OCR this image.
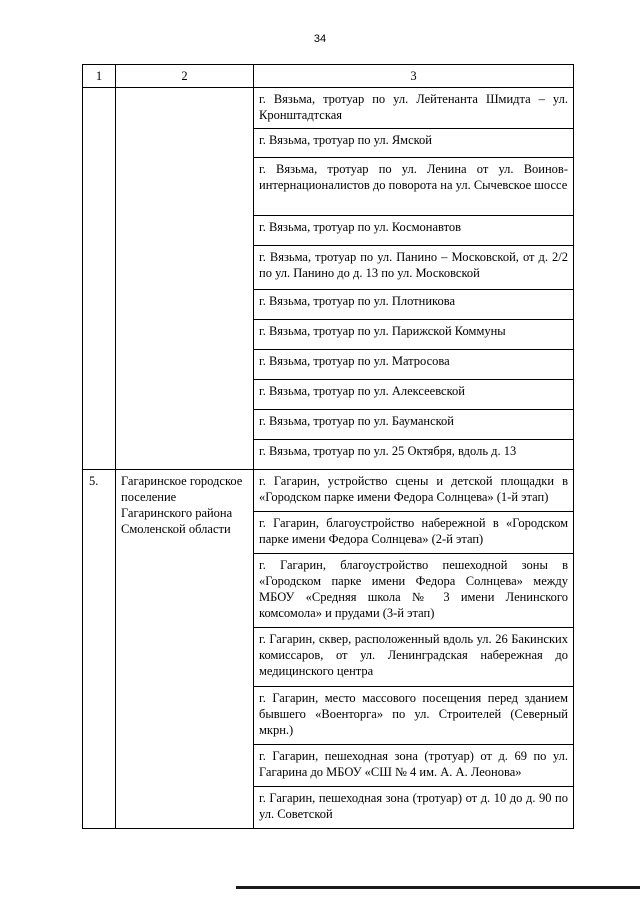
34
1	2	3
		г. Вязьма, тротуар по ул. Лейтенанта Шмидта – ул. Кронштадтская
		г. Вязьма, тротуар по ул. Ямской
		г. Вязьма, тротуар по ул. Ленина от ул. Воинов-интернационалистов до поворота на ул. Сычевское шоссе
		г. Вязьма, тротуар по ул. Космонавтов
		г. Вязьма, тротуар по ул. Панино – Московской, от д. 2/2 по ул. Панино до д. 13 по ул. Московской
		г. Вязьма, тротуар по ул. Плотникова
		г. Вязьма, тротуар по ул. Парижской Коммуны
		г. Вязьма, тротуар по ул. Матросова
		г. Вязьма, тротуар по ул. Алексеевской
		г. Вязьма, тротуар по ул. Бауманской
		г. Вязьма, тротуар по ул. 25 Октября, вдоль д. 13
5.	Гагаринское городское поселение Гагаринского района Смоленской области	г. Гагарин, устройство сцены и детской площадки в «Городском парке имени Федора Солнцева» (1-й этап)
		г. Гагарин, благоустройство набережной в «Городском парке имени Федора Солнцева» (2-й этап)
		г. Гагарин, благоустройство пешеходной зоны в «Городском парке имени Федора Солнцева» между МБОУ «Средняя школа № 3 имени Ленинского комсомола» и прудами (3-й этап)
		г. Гагарин, сквер, расположенный вдоль ул. 26 Бакинских комиссаров, от ул. Ленинградская набережная до медицинского центра
		г. Гагарин, место массового посещения перед зданием бывшего «Военторга» по ул. Строителей (Северный мкрн.)
		г. Гагарин, пешеходная зона (тротуар) от д. 69 по ул. Гагарина до МБОУ «СШ № 4 им. А. А. Леонова»
		г. Гагарин, пешеходная зона (тротуар) от д. 10 до д. 90 по ул. Советской
